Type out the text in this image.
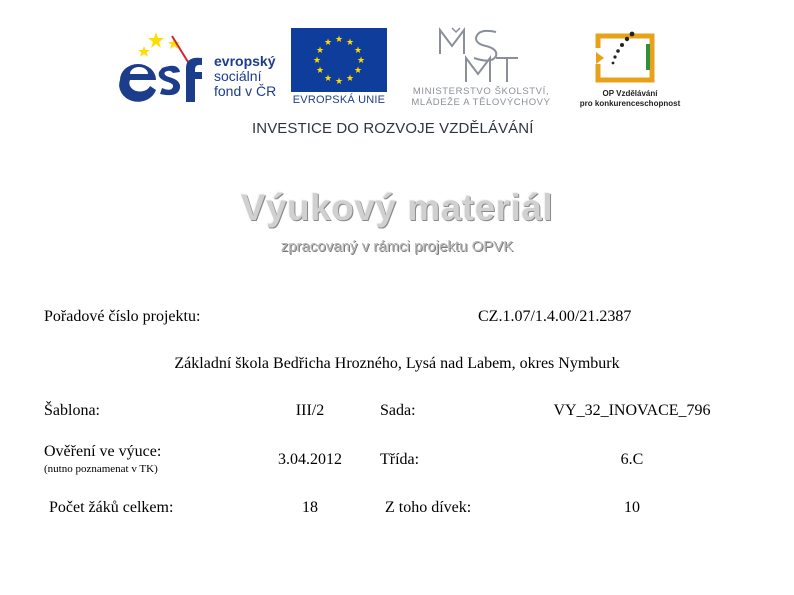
evropský
sociální
fond v ČR
★ ★
★
★
★
★
★
★
★
★
★
★
EVROPSKÁ UNIE
MINISTERSTVO ŠKOLSTVÍ,
MLÁDEŽE A TĚLOVÝCHOVY
OP Vzdělávání
pro konkurenceschopnost
INVESTICE DO ROZVOJE VZDĚLÁVÁNÍ
Výukový materiál
zpracovaný v rámci projektu OPVK
Pořadové číslo projektu:	CZ.1.07/1.4.00/21.2387
Základní škola Bedřicha Hrozného, Lysá nad Labem, okres Nymburk
Šablona:	III/2	Sada:	VY_32_INOVACE_796
Ověření ve výuce:
(nutno poznamenat v TK)
3.04.2012	Třída:	6.C
Počet žáků celkem:	18	Z toho dívek:	10
